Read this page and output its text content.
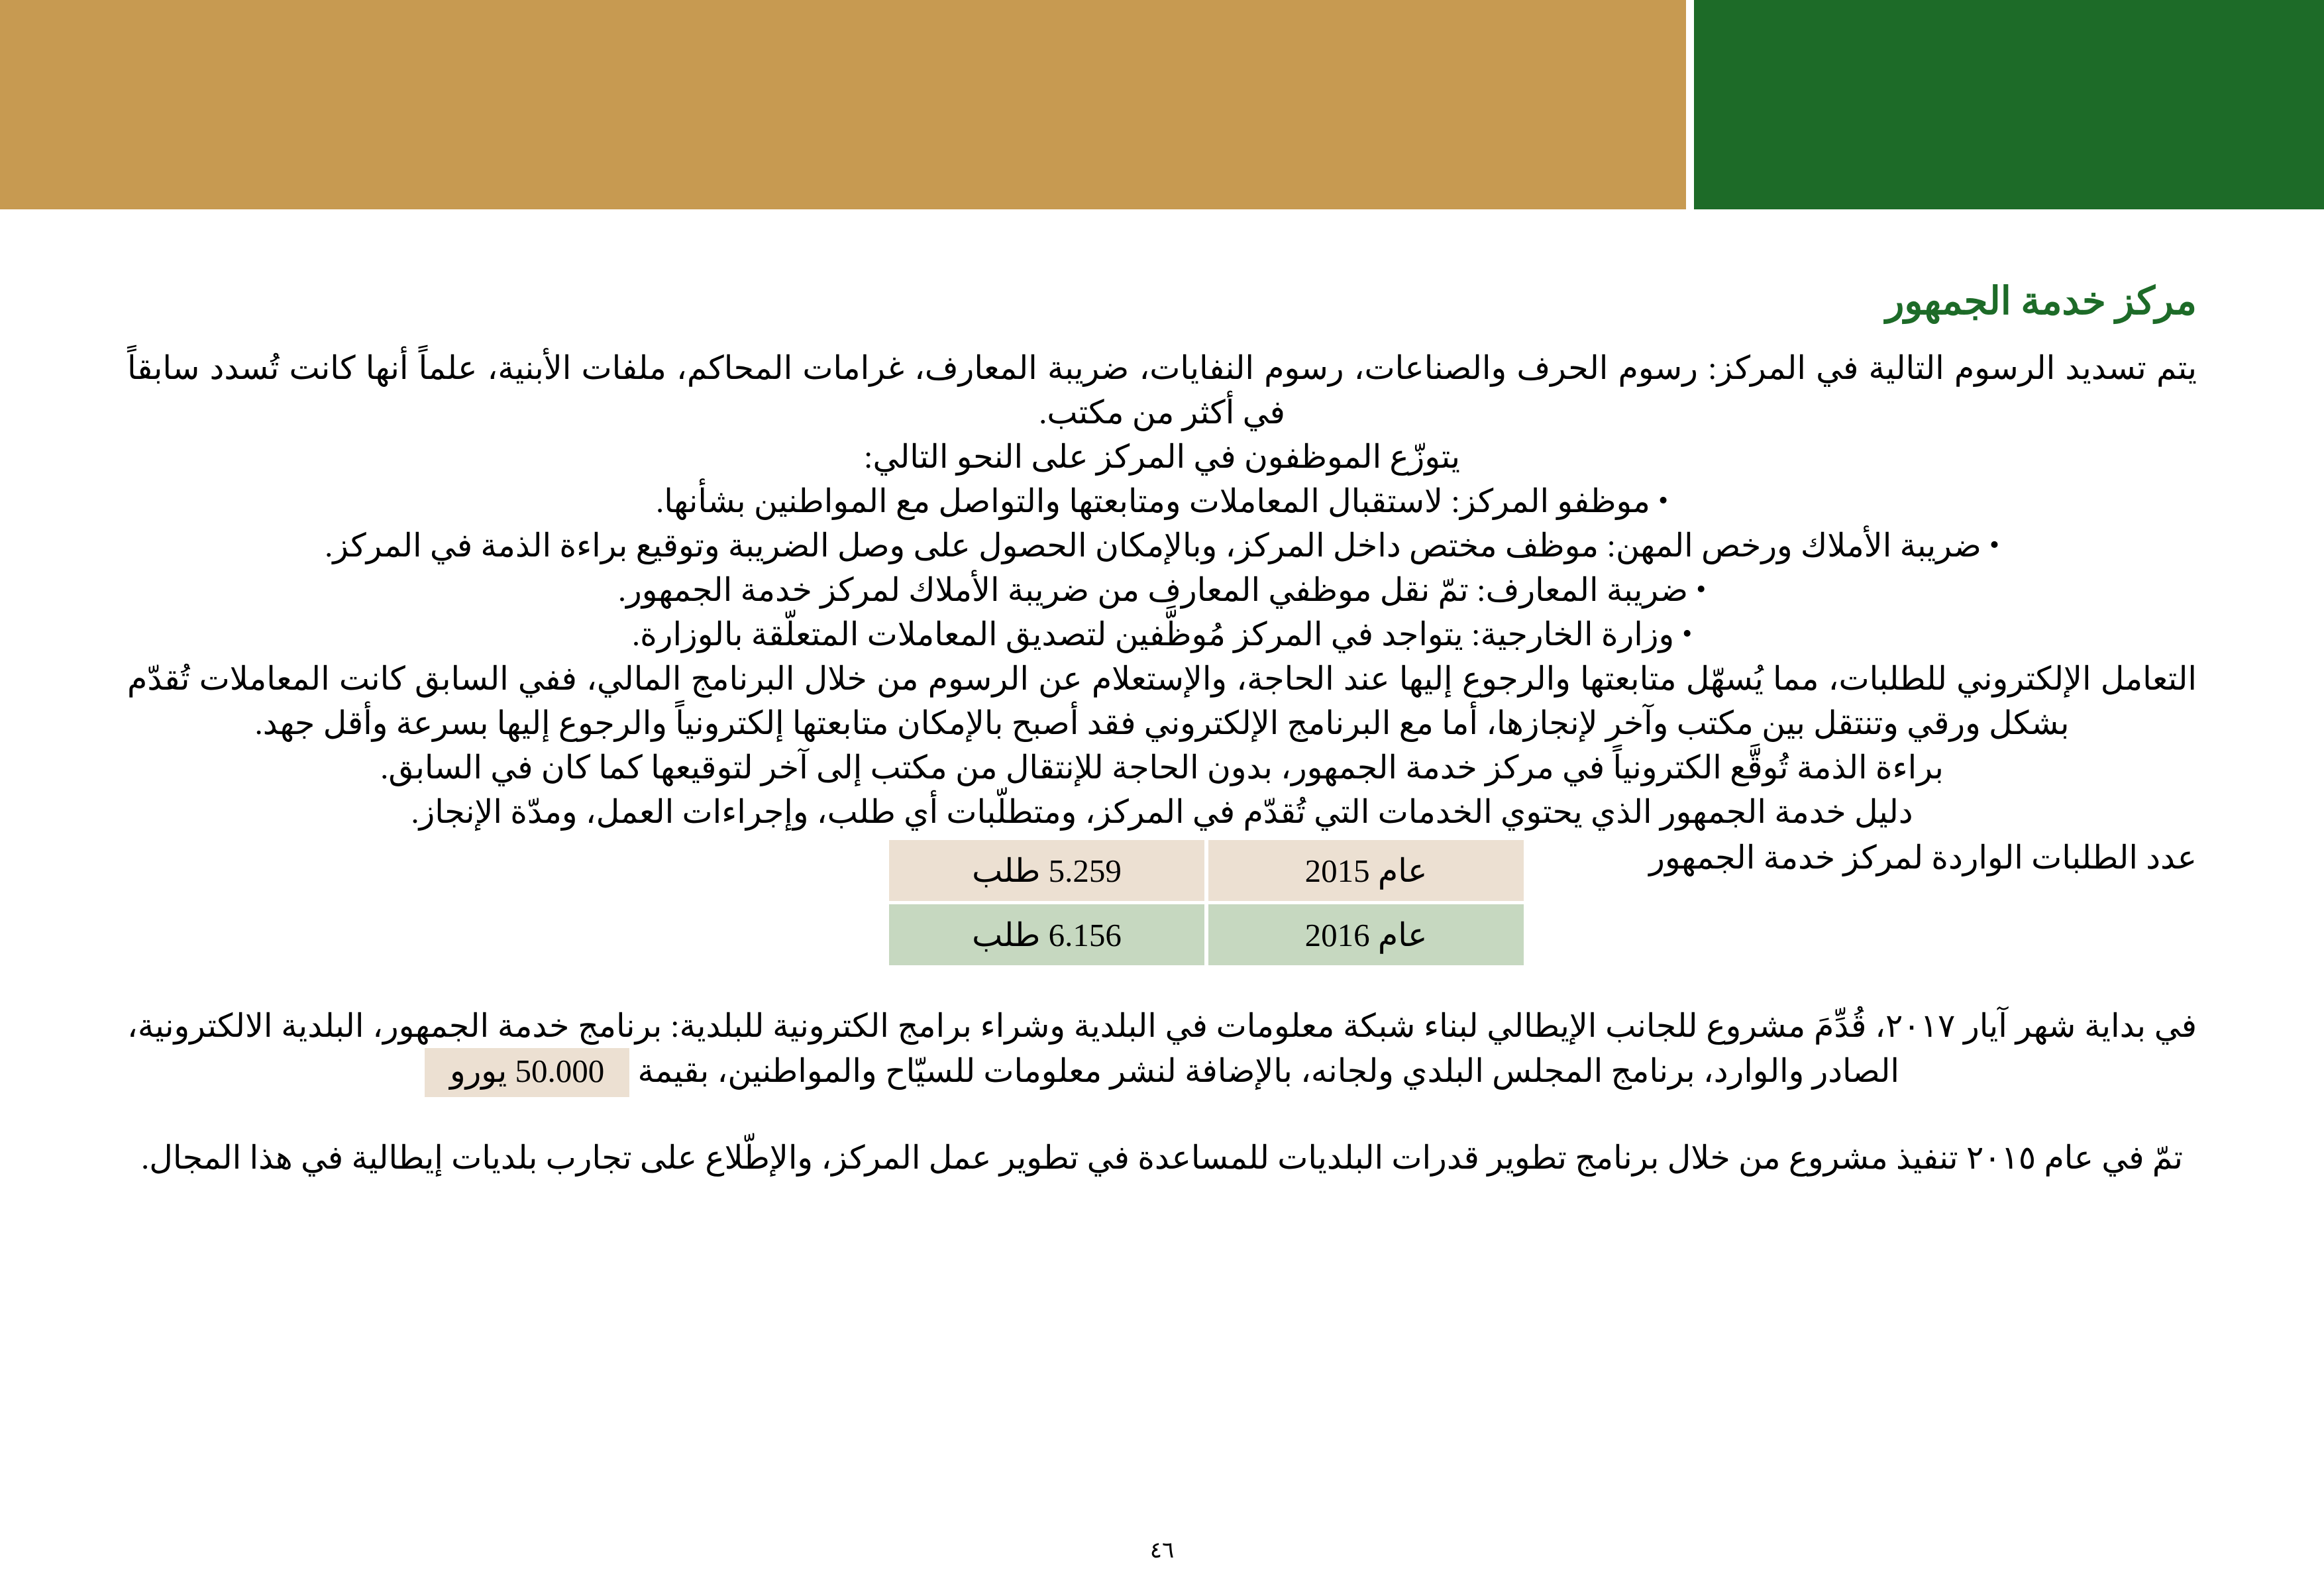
مركز خدمة الجمهور

يتم تسديد الرسوم التالية في المركز: رسوم الحرف والصناعات، رسوم النفايات، ضريبة المعارف، غرامات المحاكم، ملفات الأبنية، علماً أنها كانت تُسدد سابقاً في أكثر من مكتب.

يتوزّع الموظفون في المركز على النحو التالي:

• موظفو المركز: لاستقبال المعاملات ومتابعتها والتواصل مع المواطنين بشأنها.

• ضريبة الأملاك ورخص المهن: موظف مختص داخل المركز، وبالإمكان الحصول على وصل الضريبة وتوقيع براءة الذمة في المركز.

• ضريبة المعارف: تمّ نقل موظفي المعارف من ضريبة الأملاك لمركز خدمة الجمهور.

• وزارة الخارجية: يتواجد في المركز مُوظَّفين لتصديق المعاملات المتعلّقة بالوزارة.

التعامل الإلكتروني للطلبات، مما يُسهّل متابعتها والرجوع إليها عند الحاجة، والإستعلام عن الرسوم من خلال البرنامج المالي، ففي السابق كانت المعاملات تُقدّم بشكل ورقي وتنتقل بين مكتب وآخر لإنجازها، أما مع البرنامج الإلكتروني فقد أصبح بالإمكان متابعتها إلكترونياً والرجوع إليها بسرعة وأقل جهد.

براءة الذمة تُوقَّع الكترونياً في مركز خدمة الجمهور، بدون الحاجة للإنتقال من مكتب إلى آخر لتوقيعها كما كان في السابق.

دليل خدمة الجمهور الذي يحتوي الخدمات التي تُقدّم في المركز، ومتطلّبات أي طلب، وإجراءات العمل، ومدّة الإنجاز.

عدد الطلبات الواردة لمركز خدمة الجمهور
عام 2015	5.259 طلب
عام 2016	6.156 طلب

في بداية شهر آيار ٢٠١٧، قُدِّمَ مشروع للجانب الإيطالي لبناء شبكة معلومات في البلدية وشراء برامج الكترونية للبلدية: برنامج خدمة الجمهور، البلدية الالكترونية، الصادر والوارد، برنامج المجلس البلدي ولجانه، بالإضافة لنشر معلومات للسيّاح والمواطنين، بقيمة 50.000 يورو

تمّ في عام ٢٠١٥ تنفيذ مشروع من خلال برنامج تطوير قدرات البلديات للمساعدة في تطوير عمل المركز، والإطّلاع على تجارب بلديات إيطالية في هذا المجال.

٤٦
